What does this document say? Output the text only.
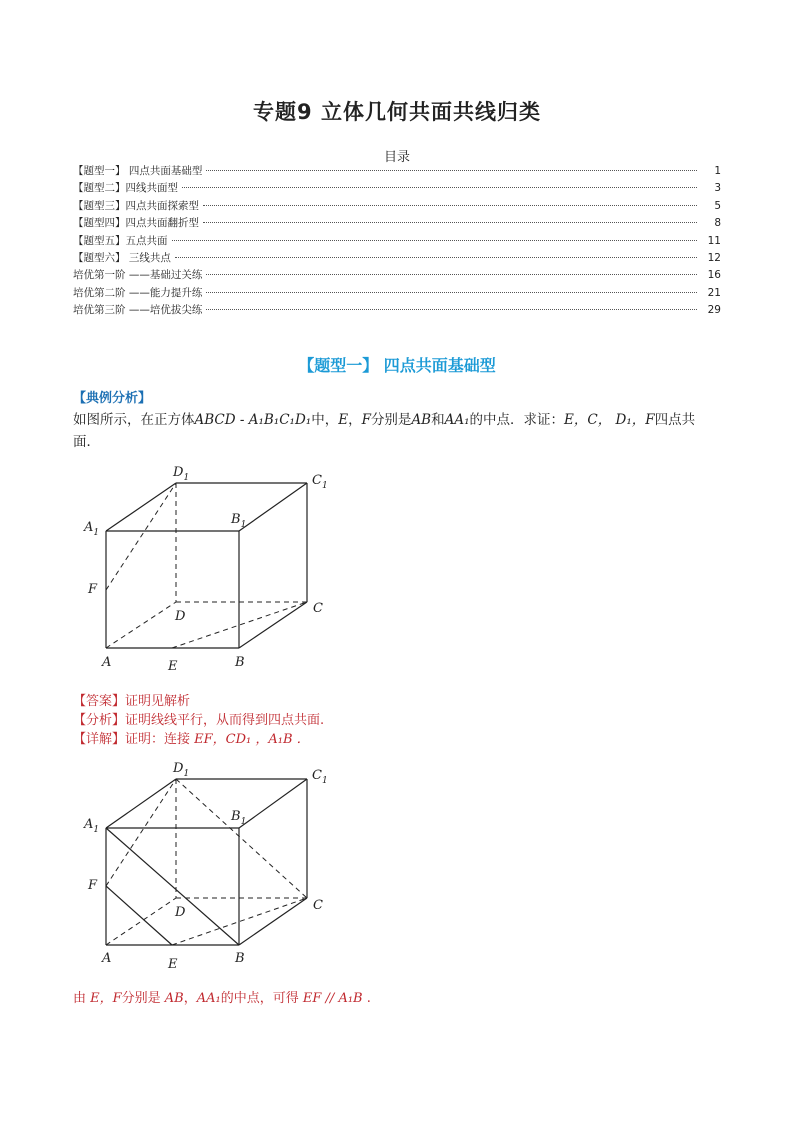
专题9 立体几何共面共线归类
目录
【题型一】 四点共面基础型	1
【题型二】四线共面型	3
【题型三】四点共面探索型	5
【题型四】四点共面翻折型	8
【题型五】五点共面	11
【题型六】 三线共点	12
培优第一阶 ——基础过关练	16
培优第二阶 ——能力提升练	21
培优第三阶 ——培优拔尖练	29
【题型一】 四点共面基础型
【典例分析】
如图所示，在正方体ABCD - A₁B₁C₁D₁中，E，F分别是AB和AA₁的中点．求证：E，C， D₁，F四点共
面．
$A_1$
$B_1$
$C_1$
$D_1$
F
D
C
A	E	B
【答案】证明见解析
【分析】证明线线平行，从而得到四点共面.
【详解】证明：连接 EF，CD₁ ，A₁B ．
$A_1$
$B_1$
$C_1$
$D_1$
F
D	C
A	E	B
由 E，F分别是 AB，AA₁的中点，可得 EF // A₁B .
